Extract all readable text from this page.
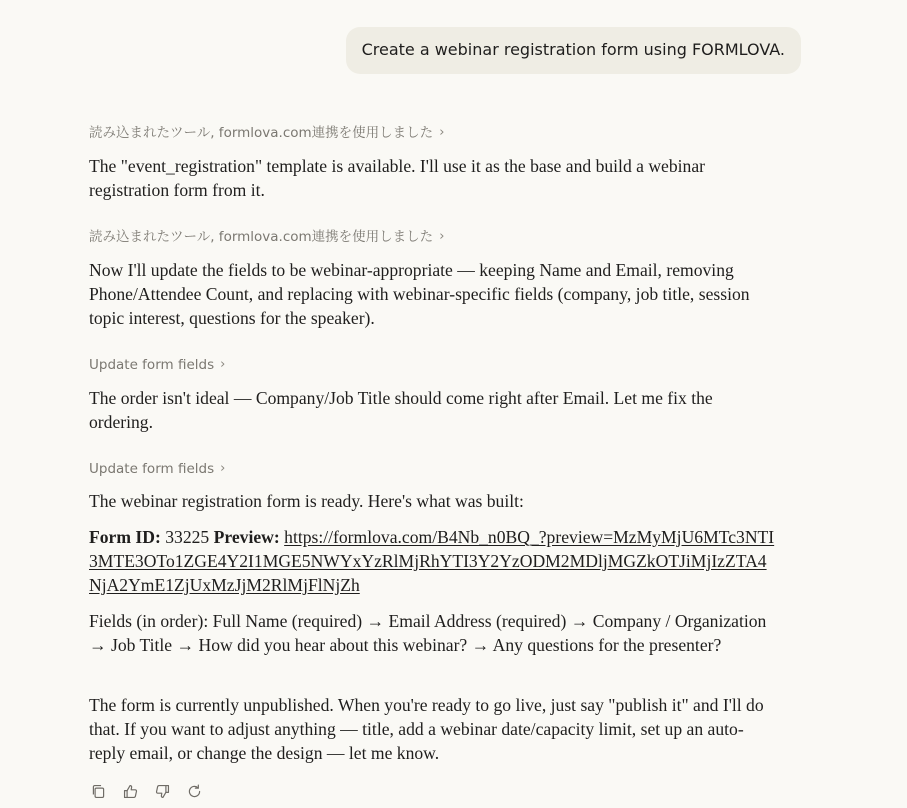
Create a webinar registration form using FORMLOVA.
読み込まれたツール, formlova.com連携を使用しました ›

The "event_registration" template is available. I'll use it as the base and build a webinar registration form from it.

読み込まれたツール, formlova.com連携を使用しました ›

Now I'll update the fields to be webinar-appropriate — keeping Name and Email, removing Phone/Attendee Count, and replacing with webinar-specific fields (company, job title, session topic interest, questions for the speaker).

Update form fields ›

The order isn't ideal — Company/Job Title should come right after Email. Let me fix the ordering.

Update form fields ›

The webinar registration form is ready. Here's what was built:

Form ID: 33225 Preview: https://formlova.com/B4Nb_n0BQ_?preview=MzMyMjU6MTc3NTI3MTE3OTo1ZGE4Y2I1MGE5NWYxYzRlMjRhYTI3Y2YzODM2MDljMGZkOTJiMjIzZTA4NjA2YmE1ZjUxMzJjM2RlMjFlNjZh

Fields (in order): Full Name (required) → Email Address (required) → Company / Organization → Job Title → How did you hear about this webinar? → Any questions for the presenter?

The form is currently unpublished. When you're ready to go live, just say "publish it" and I'll do that. If you want to adjust anything — title, add a webinar date/capacity limit, set up an auto-reply email, or change the design — let me know.
